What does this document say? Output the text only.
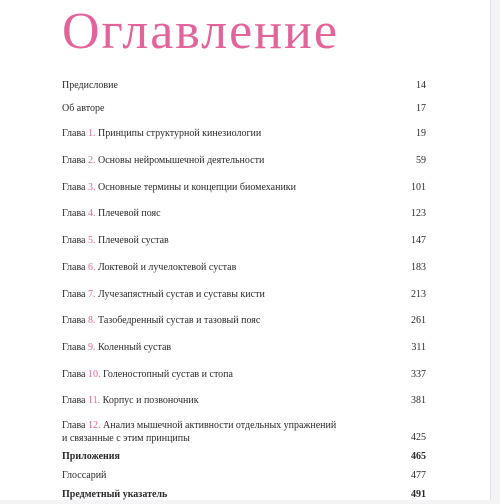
Оглавление
Предисловие	14
Об авторе	17
Глава 1. Принципы структурной кинезиологии	19
Глава 2. Основы нейромышечной деятельности	59
Глава 3. Основные термины и концепции биомеханики	101
Глава 4. Плечевой пояс	123
Глава 5. Плечевой сустав	147
Глава 6. Локтевой и лучелоктевой сустав	183
Глава 7. Лучезапястный сустав и суставы кисти	213
Глава 8. Тазобедренный сустав и тазовый пояс	261
Глава 9. Коленный сустав	311
Глава 10. Голеностопный сустав и стопа	337
Глава 11. Корпус и позвоночник	381
Глава 12. Анализ мышечной активности отдельных упражнений
и связанные с этим принципы	425
Приложения	465
Глоссарий	477
Предметный указатель	491
